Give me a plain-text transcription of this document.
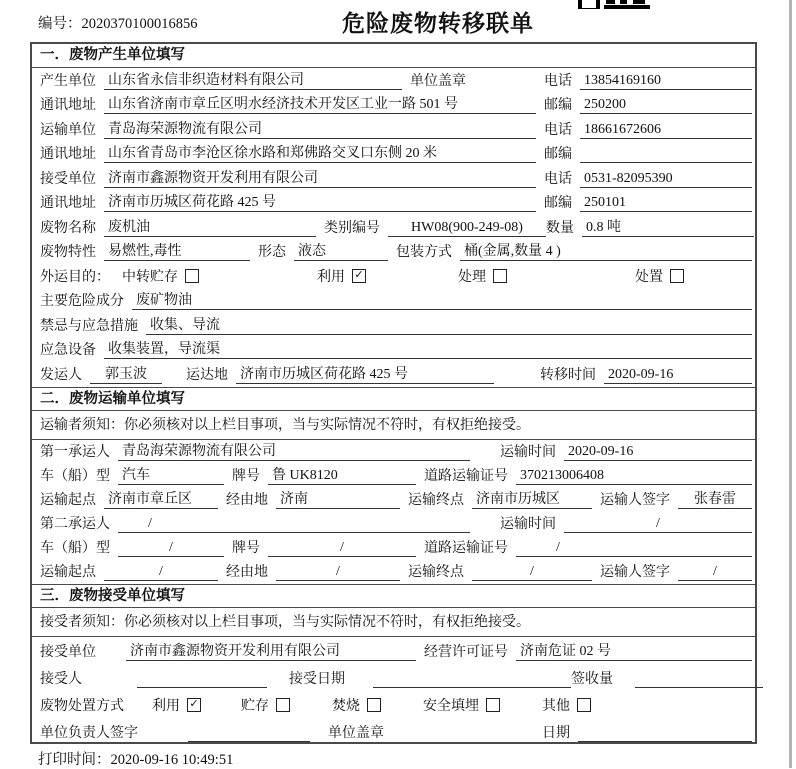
编号：2020370100016856	危险废物转移联单
一．废物产生单位填写
产生单位 山东省永信非织造材料有限公司	单位盖章	电话 13854169160
通讯地址 山东省济南市章丘区明水经济技术开发区工业一路 501 号	邮编 250200
运输单位 青岛海荣源物流有限公司	电话 18661672606
通讯地址 山东省青岛市李沧区徐水路和郑佛路交叉口东侧 20 米	邮编
接受单位 济南市鑫源物资开发利用有限公司	电话 0531-82095390
通讯地址 济南市历城区荷花路 425 号	邮编 250101
废物名称 废机油	类别编号	HW08(900-249-08)	数量 0.8 吨
废物特性 易燃性,毒性	形态 液态	包装方式 桶(金属,数量 4 )
外运目的： 中转贮存	利用 ✓	处理	处置
主要危险成分 废矿物油
禁忌与应急措施 收集、导流
应急设备 收集装置，导流渠
发运人	郭玉波	运达地 济南市历城区荷花路 425 号	转移时间 2020-09-16
二．废物运输单位填写
运输者须知：你必须核对以上栏目事项，当与实际情况不符时，有权拒绝接受。
第一承运人 青岛海荣源物流有限公司	运输时间 2020-09-16
车（船）型 汽车	牌号 鲁 UK8120	道路运输证号 370213006408
运输起点 济南市章丘区	经由地 济南	运输终点 济南市历城区	运输人签字	张春雷
第二承运人	/	运输时间	/
车（船）型	/	牌号	/	道路运输证号	/
运输起点	/	经由地	/	运输终点	/	运输人签字	/
三．废物接受单位填写
接受者须知：你必须核对以上栏目事项，当与实际情况不符时，有权拒绝接受。
接受单位 济南市鑫源物资开发利用有限公司	经营许可证号 济南危证 02 号
接受人	接受日期	签收量
废物处置方式 利用 ✓	贮存	焚烧	安全填埋	其他
单位负责人签字	单位盖章	日期
打印时间：2020-09-16 10:49:51
